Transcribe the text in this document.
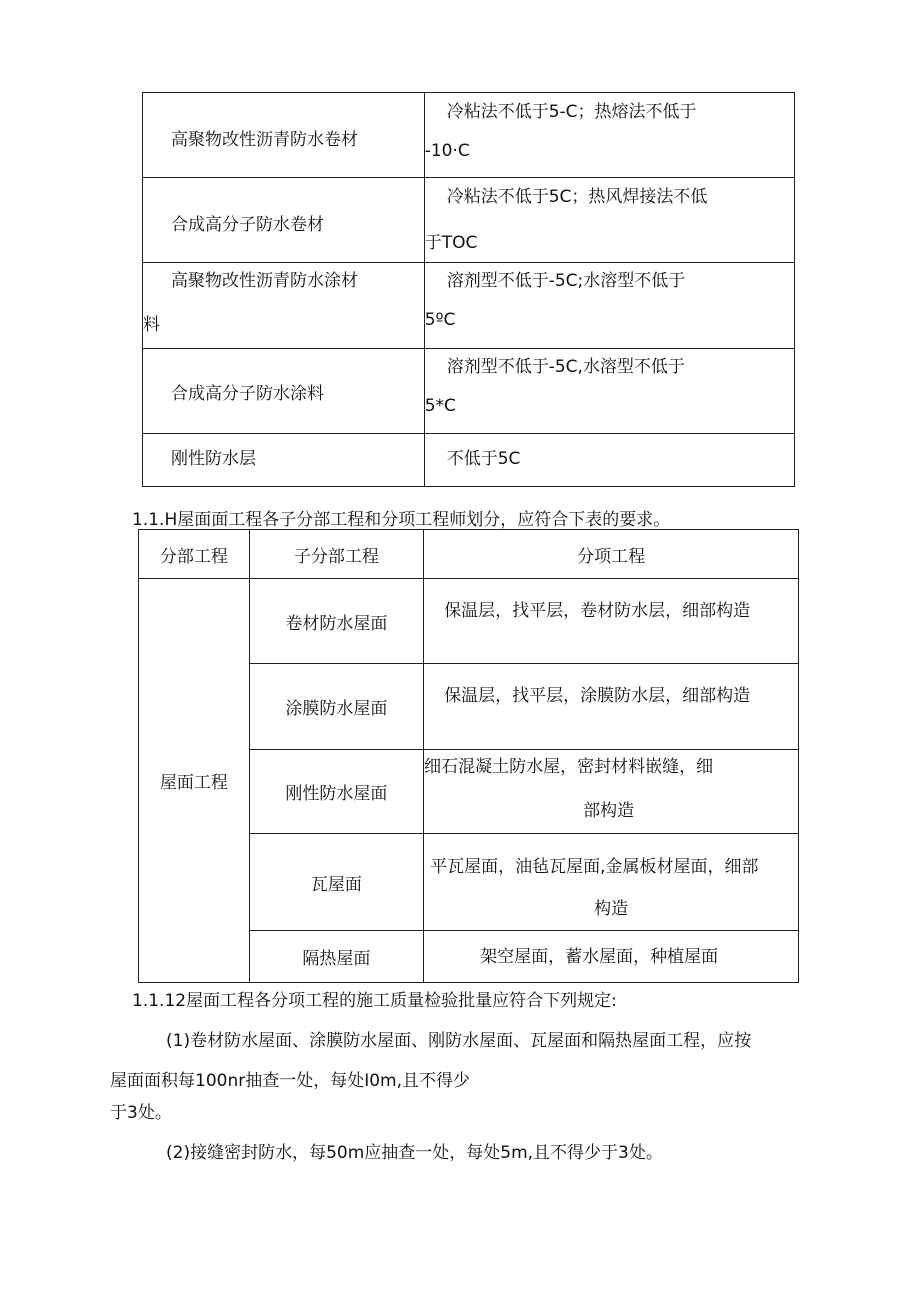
高聚物改性沥青防水卷材	冷粘法不低于5-C；热熔法不低于
-10·C

合成高分子防水卷材	冷粘法不低于5C；热风焊接法不低
于TOC

高聚物改性沥青防水涂材
料	溶剂型不低于-5C;水溶型不低于
5ºC

合成高分子防水涂料	溶剂型不低于-5C,水溶型不低于
5*C

刚性防水层	不低于5C
1.1.H屋面面工程各子分部工程和分项工程师划分，应符合下表的要求。
分部工程	子分部工程	分项工程
屋面工程	卷材防水屋面	保温层，找平层，卷材防水层，细部构造

	涂膜防水屋面	保温层，找平层，涂膜防水层，细部构造

	刚性防水屋面	细石混凝土防水屋，密封材料嵌缝，细
部构造

	瓦屋面	平瓦屋面，油毡瓦屋面,金属板材屋面，细部
构造

	隔热屋面	架空屋面，蓄水屋面，种植屋面
1.1.12屋面工程各分项工程的施工质量检验批量应符合下列规定:
(1)卷材防水屋面、涂膜防水屋面、刚防水屋面、瓦屋面和隔热屋面工程，应按
屋面面积每100nr抽查一处，每处I0m,且不得少
于3处。
(2)接缝密封防水，每50m应抽查一处，每处5m,且不得少于3处。
